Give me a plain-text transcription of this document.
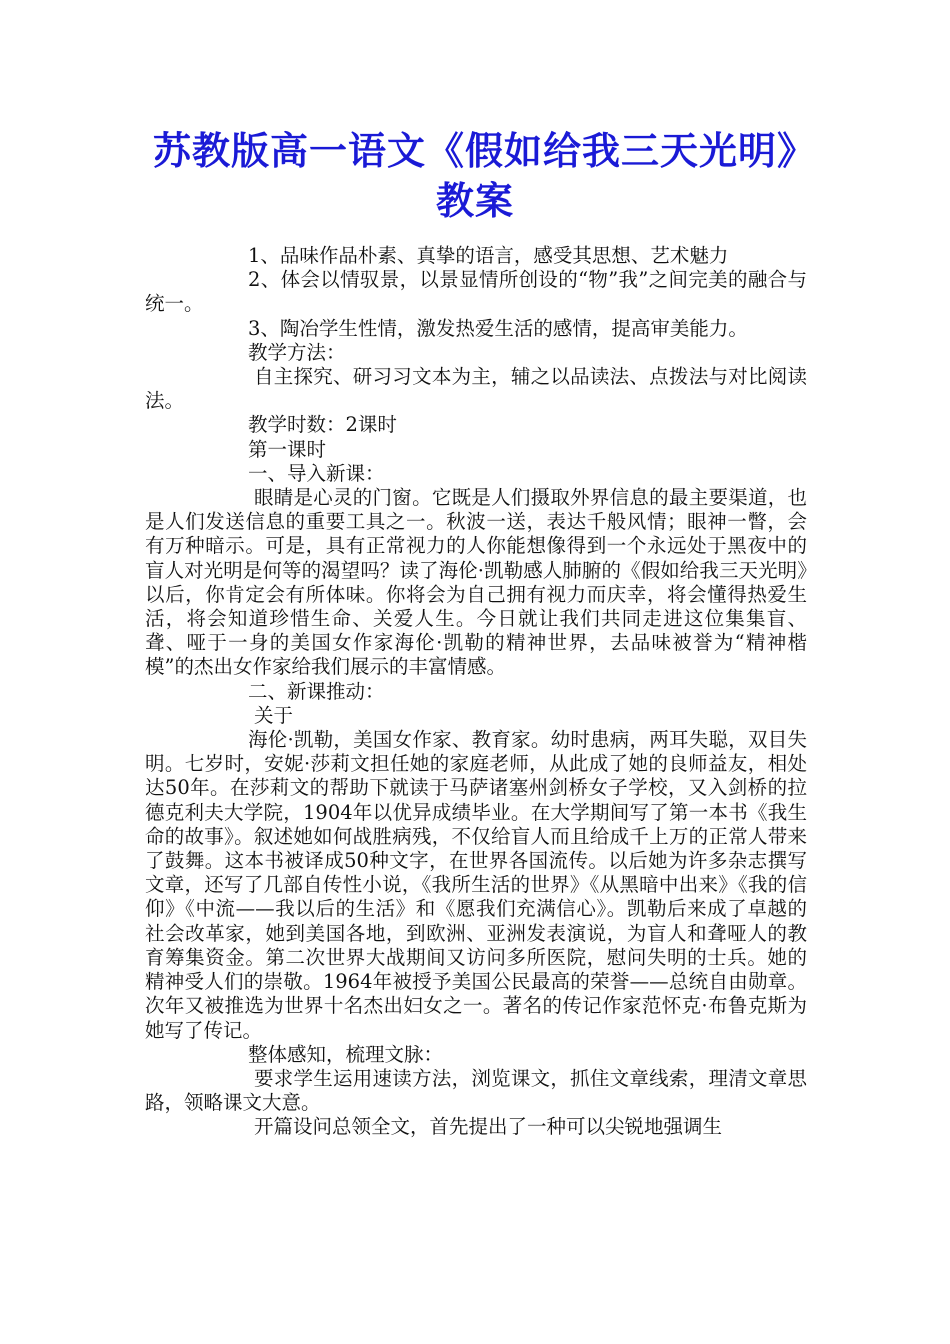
苏教版高一语文《假如给我三天光明》教案

1、品味作品朴素、真挚的语言，感受其思想、艺术魅力

2、体会以情驭景，以景显情所创设的“物”我”之间完美的融合与统一。

3、陶冶学生性情，激发热爱生活的感情，提高审美能力。

教学方法：

自主探究、研习习文本为主，辅之以品读法、点拨法与对比阅读法。

教学时数：2课时

第一课时

一、导入新课：

眼睛是心灵的门窗。它既是人们摄取外界信息的最主要渠道，也是人们发送信息的重要工具之一。秋波一送，表达千般风情；眼神一瞥，会有万种暗示。可是，具有正常视力的人你能想像得到一个永远处于黑夜中的盲人对光明是何等的渴望吗？读了海伦·凯勒感人肺腑的《假如给我三天光明》以后，你肯定会有所体味。你将会为自己拥有视力而庆幸，将会懂得热爱生活，将会知道珍惜生命、关爱人生。今日就让我们共同走进这位集集盲、聋、哑于一身的美国女作家海伦·凯勒的精神世界，去品味被誉为“精神楷模”的杰出女作家给我们展示的丰富情感。

二、新课推动：

关于

海伦·凯勒，美国女作家、教育家。幼时患病，两耳失聪，双目失明。七岁时，安妮·莎莉文担任她的家庭老师，从此成了她的良师益友，相处达50年。在莎莉文的帮助下就读于马萨诸塞州剑桥女子学校，又入剑桥的拉德克利夫大学院，1904年以优异成绩毕业。在大学期间写了第一本书《我生命的故事》。叙述她如何战胜病残，不仅给盲人而且给成千上万的正常人带来了鼓舞。这本书被译成50种文字，在世界各国流传。以后她为许多杂志撰写文章，还写了几部自传性小说，《我所生活的世界》《从黑暗中出来》《我的信仰》《中流——我以后的生活》和《愿我们充满信心》。凯勒后来成了卓越的社会改革家，她到美国各地，到欧洲、亚洲发表演说，为盲人和聋哑人的教育筹集资金。第二次世界大战期间又访问多所医院，慰问失明的士兵。她的精神受人们的崇敬。1964年被授予美国公民最高的荣誉——总统自由勋章。次年又被推选为世界十名杰出妇女之一。著名的传记作家范怀克·布鲁克斯为她写了传记。

整体感知，梳理文脉：

要求学生运用速读方法，浏览课文，抓住文章线索，理清文章思路，领略课文大意。

开篇设问总领全文，首先提出了一种可以尖锐地强调生
